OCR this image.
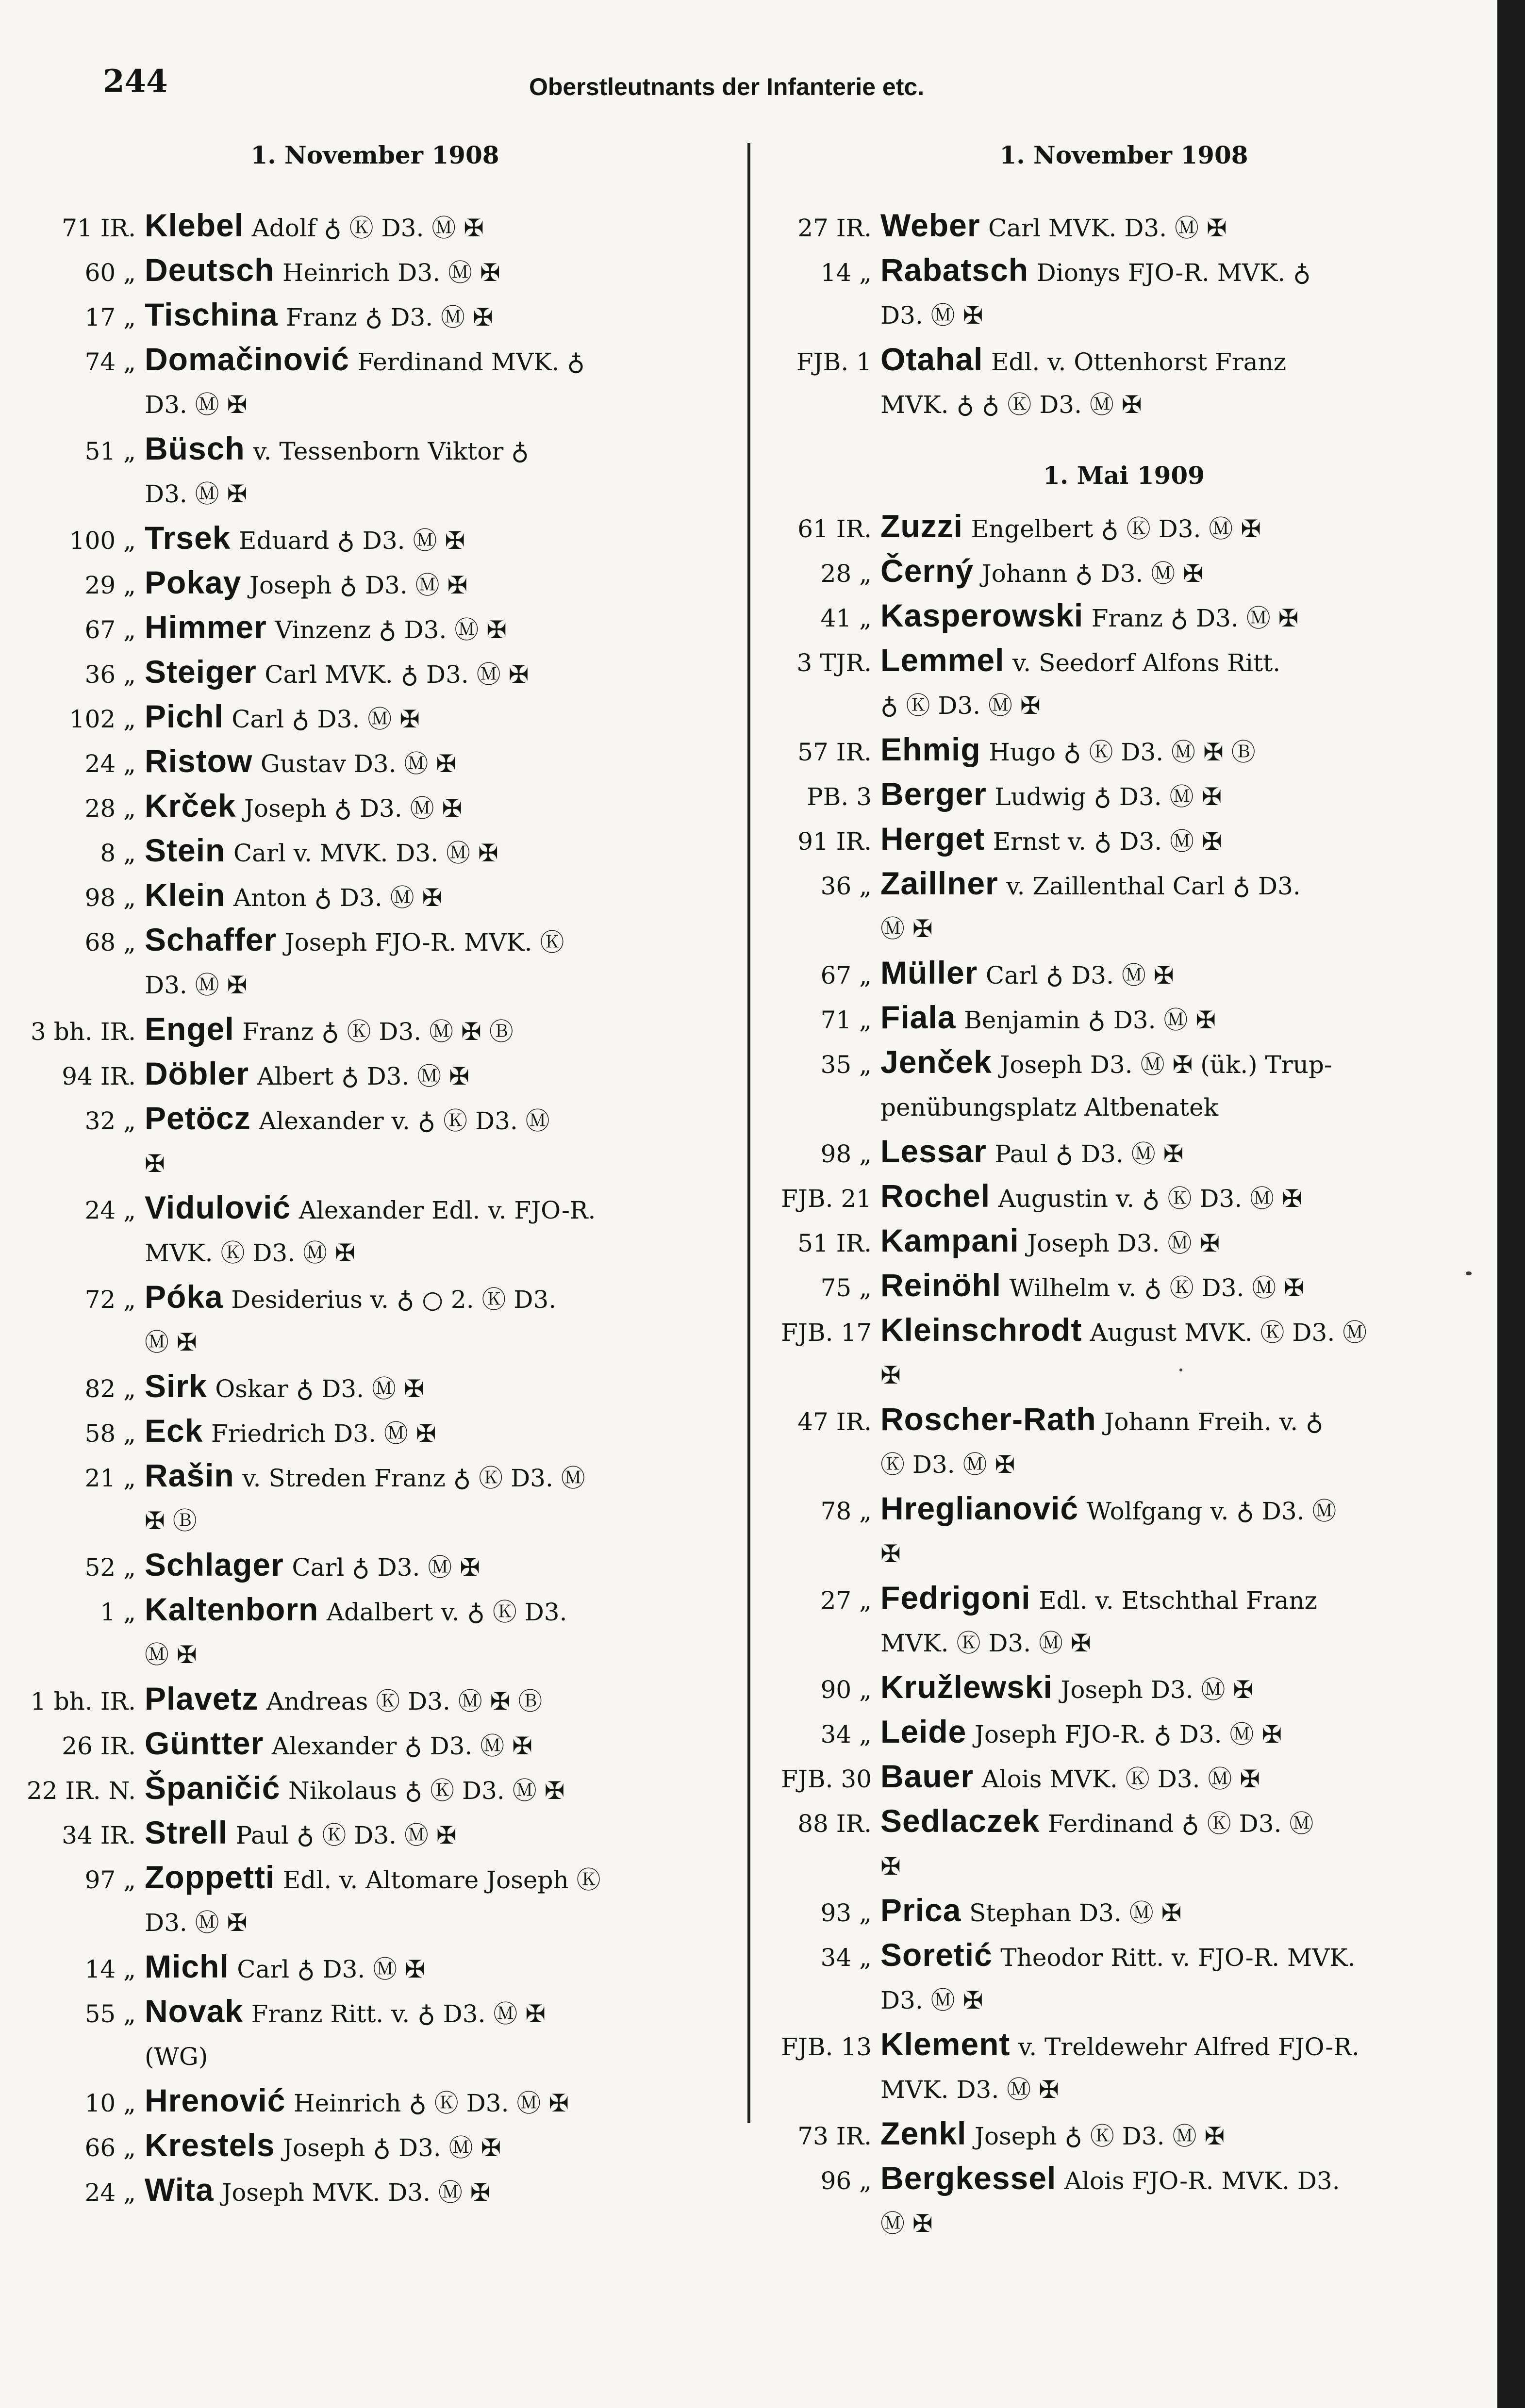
244	Oberstleutnants der Infanterie etc.
1. November 1908
71 IR. Klebel Adolf ♁ Ⓚ D3. Ⓜ ✠
60 „ Deutsch Heinrich D3. Ⓜ ✠
17 „ Tischina Franz ♁ D3. Ⓜ ✠
74 „ Domačinović Ferdinand MVK. ♁
D3. Ⓜ ✠
51 „ Büsch v. Tessenborn Viktor ♁
D3. Ⓜ ✠
100 „ Trsek Eduard ♁ D3. Ⓜ ✠
29 „ Pokay Joseph ♁ D3. Ⓜ ✠
67 „ Himmer Vinzenz ♁ D3. Ⓜ ✠
36 „ Steiger Carl MVK. ♁ D3. Ⓜ ✠
102 „ Pichl Carl ♁ D3. Ⓜ ✠
24 „ Ristow Gustav D3. Ⓜ ✠
28 „ Krček Joseph ♁ D3. Ⓜ ✠
8 „ Stein Carl v. MVK. D3. Ⓜ ✠
98 „ Klein Anton ♁ D3. Ⓜ ✠
68 „ Schaffer Joseph FJO-R. MVK. Ⓚ
D3. Ⓜ ✠
3 bh. IR. Engel Franz ♁ Ⓚ D3. Ⓜ ✠ Ⓑ
94 IR. Döbler Albert ♁ D3. Ⓜ ✠
32 „ Petöcz Alexander v. ♁ Ⓚ D3. Ⓜ
✠
24 „ Vidulović Alexander Edl. v. FJO-R.
MVK. Ⓚ D3. Ⓜ ✠
72 „ Póka Desiderius v. ♁ ○ 2. Ⓚ D3.
Ⓜ ✠
82 „ Sirk Oskar ♁ D3. Ⓜ ✠
58 „ Eck Friedrich D3. Ⓜ ✠
21 „ Rašin v. Streden Franz ♁ Ⓚ D3. Ⓜ
✠ Ⓑ
52 „ Schlager Carl ♁ D3. Ⓜ ✠
1 „ Kaltenborn Adalbert v. ♁ Ⓚ D3.
Ⓜ ✠
1 bh. IR. Plavetz Andreas Ⓚ D3. Ⓜ ✠ Ⓑ
26 IR. Güntter Alexander ♁ D3. Ⓜ ✠
22 IR. N. Španičić Nikolaus ♁ Ⓚ D3. Ⓜ ✠
34 IR. Strell Paul ♁ Ⓚ D3. Ⓜ ✠
97 „ Zoppetti Edl. v. Altomare Joseph Ⓚ
D3. Ⓜ ✠
14 „ Michl Carl ♁ D3. Ⓜ ✠
55 „ Novak Franz Ritt. v. ♁ D3. Ⓜ ✠
(WG)
10 „ Hrenović Heinrich ♁ Ⓚ D3. Ⓜ ✠
66 „ Krestels Joseph ♁ D3. Ⓜ ✠
24 „ Wita Joseph MVK. D3. Ⓜ ✠
1. November 1908
1. Mai 1909
27 IR. Weber Carl MVK. D3. Ⓜ ✠
14 „ Rabatsch Dionys FJO-R. MVK. ♁
D3. Ⓜ ✠
FJB. 1 Otahal Edl. v. Ottenhorst Franz
MVK. ♁ ♁ Ⓚ D3. Ⓜ ✠
61 IR. Zuzzi Engelbert ♁ Ⓚ D3. Ⓜ ✠
28 „ Černý Johann ♁ D3. Ⓜ ✠
41 „ Kasperowski Franz ♁ D3. Ⓜ ✠
3 TJR. Lemmel v. Seedorf Alfons Ritt.
♁ Ⓚ D3. Ⓜ ✠
57 IR. Ehmig Hugo ♁ Ⓚ D3. Ⓜ ✠ Ⓑ
PB. 3 Berger Ludwig ♁ D3. Ⓜ ✠
91 IR. Herget Ernst v. ♁ D3. Ⓜ ✠
36 „ Zaillner v. Zaillenthal Carl ♁ D3.
Ⓜ ✠
67 „ Müller Carl ♁ D3. Ⓜ ✠
71 „ Fiala Benjamin ♁ D3. Ⓜ ✠
35 „ Jenček Joseph D3. Ⓜ ✠ (ük.) Trup-
penübungsplatz Altbenatek
98 „ Lessar Paul ♁ D3. Ⓜ ✠
FJB. 21 Rochel Augustin v. ♁ Ⓚ D3. Ⓜ ✠
51 IR. Kampani Joseph D3. Ⓜ ✠
75 „ Reinöhl Wilhelm v. ♁ Ⓚ D3. Ⓜ ✠
FJB. 17 Kleinschrodt August MVK. Ⓚ D3. Ⓜ
✠
47 IR. Roscher-Rath Johann Freih. v. ♁
Ⓚ D3. Ⓜ ✠
78 „ Hreglianović Wolfgang v. ♁ D3. Ⓜ
✠
27 „ Fedrigoni Edl. v. Etschthal Franz
MVK. Ⓚ D3. Ⓜ ✠
90 „ Kružlewski Joseph D3. Ⓜ ✠
34 „ Leide Joseph FJO-R. ♁ D3. Ⓜ ✠
FJB. 30 Bauer Alois MVK. Ⓚ D3. Ⓜ ✠
88 IR. Sedlaczek Ferdinand ♁ Ⓚ D3. Ⓜ
✠
93 „ Prica Stephan D3. Ⓜ ✠
34 „ Soretić Theodor Ritt. v. FJO-R. MVK.
D3. Ⓜ ✠
FJB. 13 Klement v. Treldewehr Alfred FJO-R.
MVK. D3. Ⓜ ✠
73 IR. Zenkl Joseph ♁ Ⓚ D3. Ⓜ ✠
96 „ Bergkessel Alois FJO-R. MVK. D3.
Ⓜ ✠
